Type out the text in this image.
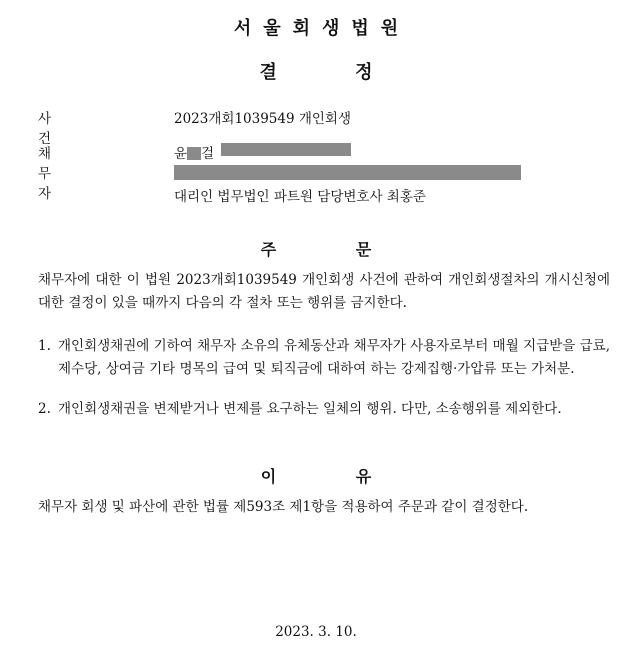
서울회생법원
결 정
사건
2023개회1039549 개인회생
채무자
윤 걸
대리인 법무법인 파트원 담당변호사 최홍준
주 문
채무자에 대한 이 법원 2023개회1039549 개인회생 사건에 관하여 개인회생절차의 개시신청에 대한 결정이 있을 때까지 다음의 각 절차 또는 행위를 금지한다.
1. 개인회생채권에 기하여 채무자 소유의 유체동산과 채무자가 사용자로부터 매월 지급받을 급료, 제수당, 상여금 기타 명목의 급여 및 퇴직금에 대하여 하는 강제집행·가압류 또는 가처분.
2. 개인회생채권을 변제받거나 변제를 요구하는 일체의 행위. 다만, 소송행위를 제외한다.
이 유
채무자 회생 및 파산에 관한 법률 제593조 제1항을 적용하여 주문과 같이 결정한다.
2023. 3. 10.
